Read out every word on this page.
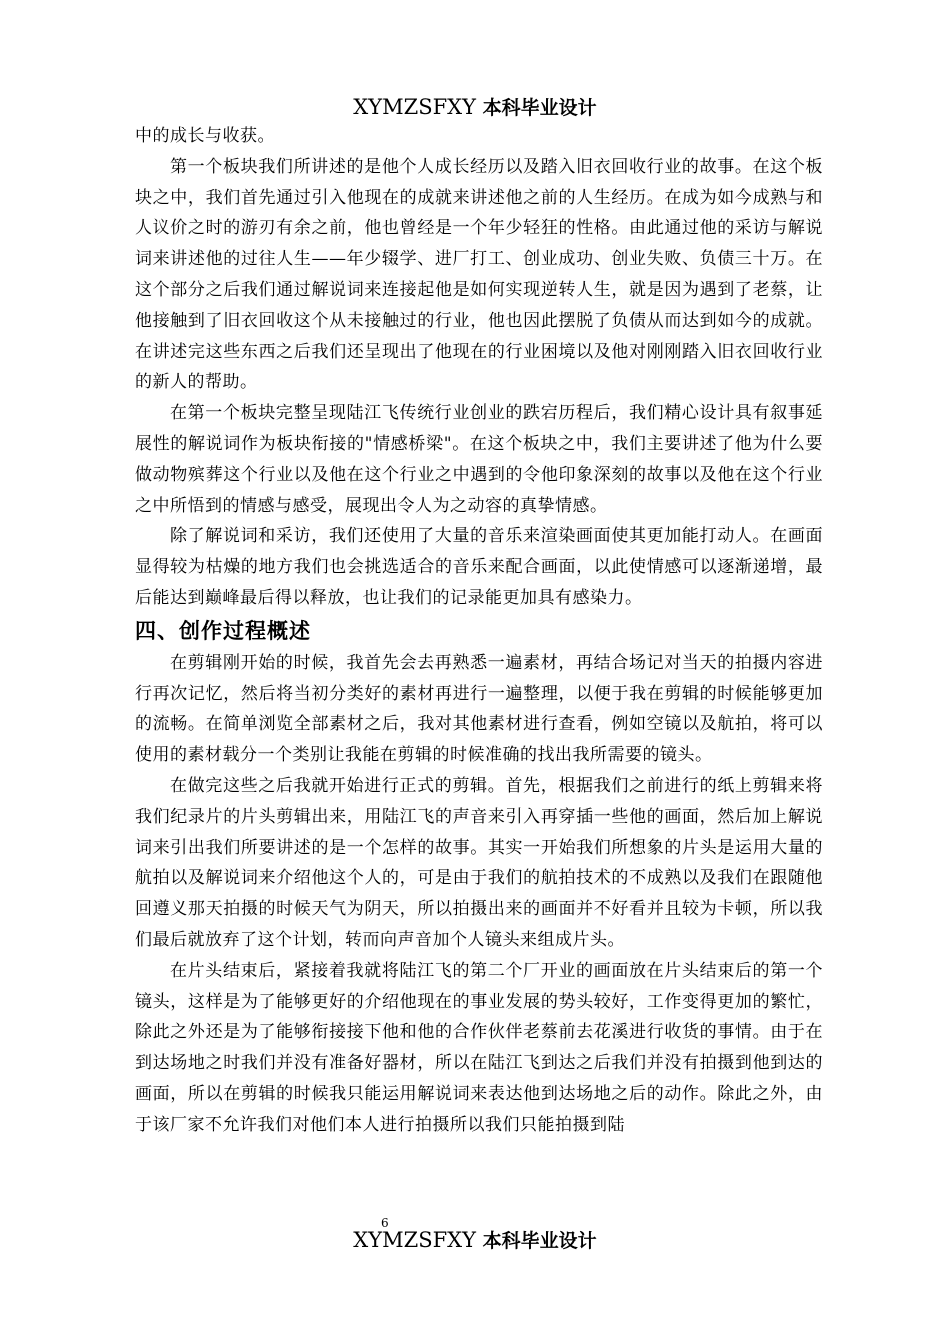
XYMZSFXY 本科毕业设计

中的成长与收获。

第一个板块我们所讲述的是他个人成长经历以及踏入旧衣回收行业的故事。在这个板块之中，我们首先通过引入他现在的成就来讲述他之前的人生经历。在成为如今成熟与和人议价之时的游刃有余之前，他也曾经是一个年少轻狂的性格。由此通过他的采访与解说词来讲述他的过往人生——年少辍学、进厂打工、创业成功、创业失败、负债三十万。在这个部分之后我们通过解说词来连接起他是如何实现逆转人生，就是因为遇到了老蔡，让他接触到了旧衣回收这个从未接触过的行业，他也因此摆脱了负债从而达到如今的成就。在讲述完这些东西之后我们还呈现出了他现在的行业困境以及他对刚刚踏入旧衣回收行业的新人的帮助。

在第一个板块完整呈现陆江飞传统行业创业的跌宕历程后，我们精心设计具有叙事延展性的解说词作为板块衔接的"情感桥梁"。在这个板块之中，我们主要讲述了他为什么要做动物殡葬这个行业以及他在这个行业之中遇到的令他印象深刻的故事以及他在这个行业之中所悟到的情感与感受，展现出令人为之动容的真挚情感。

除了解说词和采访，我们还使用了大量的音乐来渲染画面使其更加能打动人。在画面显得较为枯燥的地方我们也会挑选适合的音乐来配合画面，以此使情感可以逐渐递增，最后能达到巅峰最后得以释放，也让我们的记录能更加具有感染力。

四、创作过程概述

在剪辑刚开始的时候，我首先会去再熟悉一遍素材，再结合场记对当天的拍摄内容进行再次记忆，然后将当初分类好的素材再进行一遍整理，以便于我在剪辑的时候能够更加的流畅。在简单浏览全部素材之后，我对其他素材进行查看，例如空镜以及航拍，将可以使用的素材载分一个类别让我能在剪辑的时候准确的找出我所需要的镜头。

在做完这些之后我就开始进行正式的剪辑。首先，根据我们之前进行的纸上剪辑来将我们纪录片的片头剪辑出来，用陆江飞的声音来引入再穿插一些他的画面，然后加上解说词来引出我们所要讲述的是一个怎样的故事。其实一开始我们所想象的片头是运用大量的航拍以及解说词来介绍他这个人的，可是由于我们的航拍技术的不成熟以及我们在跟随他回遵义那天拍摄的时候天气为阴天，所以拍摄出来的画面并不好看并且较为卡顿，所以我们最后就放弃了这个计划，转而向声音加个人镜头来组成片头。

在片头结束后，紧接着我就将陆江飞的第二个厂开业的画面放在片头结束后的第一个镜头，这样是为了能够更好的介绍他现在的事业发展的势头较好，工作变得更加的繁忙，除此之外还是为了能够衔接接下他和他的合作伙伴老蔡前去花溪进行收货的事情。由于在到达场地之时我们并没有准备好器材，所以在陆江飞到达之后我们并没有拍摄到他到达的画面，所以在剪辑的时候我只能运用解说词来表达他到达场地之后的动作。除此之外，由于该厂家不允许我们对他们本人进行拍摄所以我们只能拍摄到陆

6
XYMZSFXY 本科毕业设计
